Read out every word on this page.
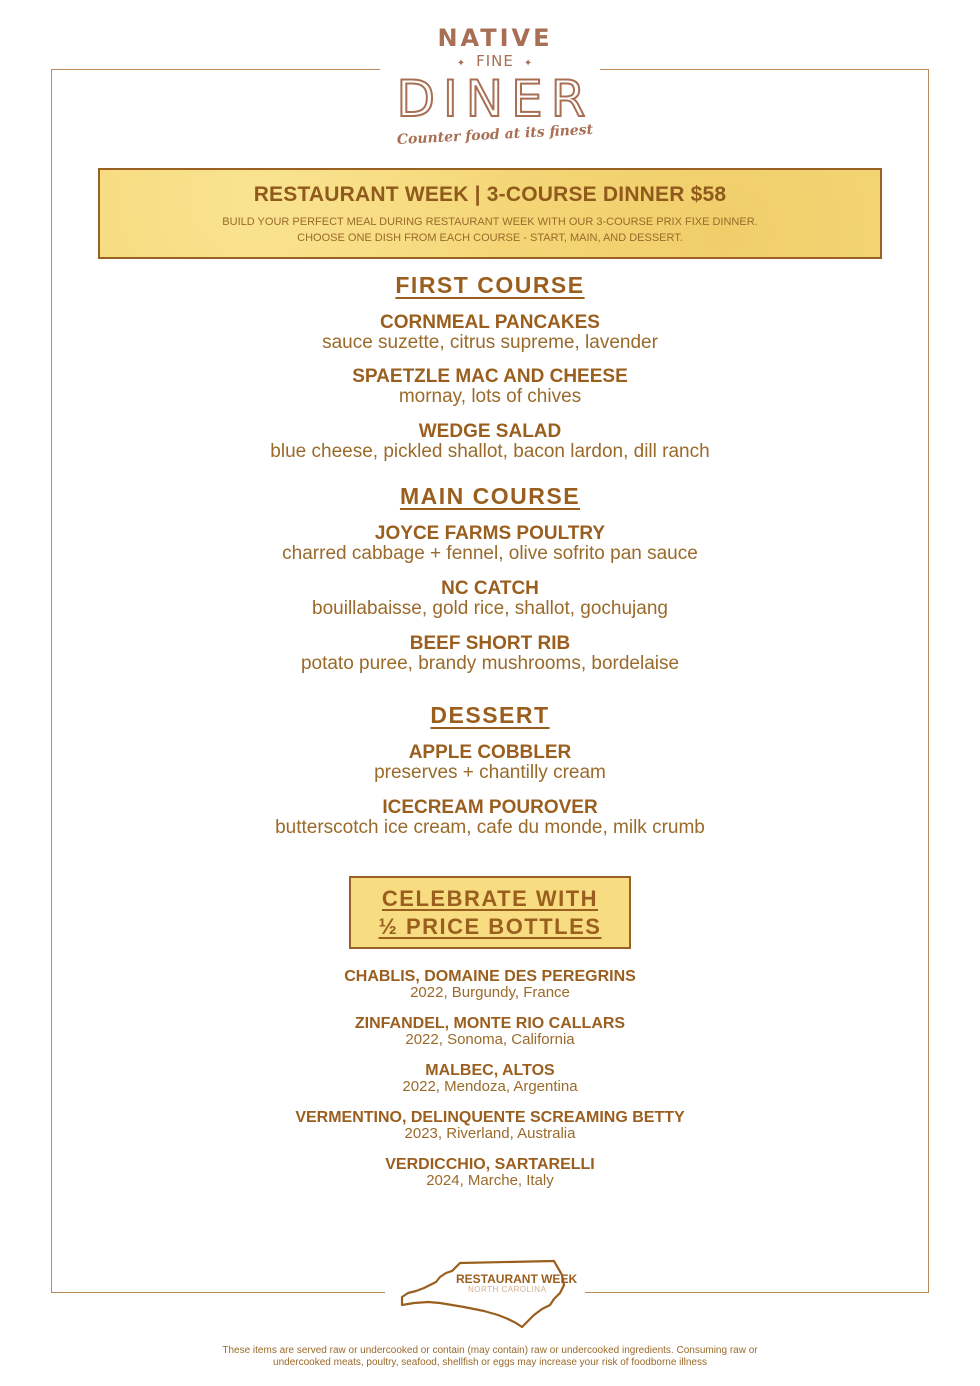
NATIVE
✦ FINE ✦
DINER
Counter food at its finest
RESTAURANT WEEK | 3-COURSE DINNER $58
BUILD YOUR PERFECT MEAL DURING RESTAURANT WEEK WITH OUR 3-COURSE PRIX FIXE DINNER.
CHOOSE ONE DISH FROM EACH COURSE - START, MAIN, AND DESSERT.
FIRST COURSE
CORNMEAL PANCAKES
sauce suzette, citrus supreme, lavender
SPAETZLE MAC AND CHEESE
mornay, lots of chives
WEDGE SALAD
blue cheese, pickled shallot, bacon lardon, dill ranch
MAIN COURSE
JOYCE FARMS POULTRY
charred cabbage + fennel, olive sofrito pan sauce
NC CATCH
bouillabaisse, gold rice, shallot, gochujang
BEEF SHORT RIB
potato puree, brandy mushrooms, bordelaise
DESSERT
APPLE COBBLER
preserves + chantilly cream
ICECREAM POUROVER
butterscotch ice cream, cafe du monde, milk crumb
CELEBRATE WITH
½ PRICE BOTTLES
CHABLIS, DOMAINE DES PEREGRINS
2022, Burgundy, France
ZINFANDEL, MONTE RIO CALLARS
2022, Sonoma, California
MALBEC, ALTOS
2022, Mendoza, Argentina
VERMENTINO, DELINQUENTE SCREAMING BETTY
2023, Riverland, Australia
VERDICCHIO, SARTARELLI
2024, Marche, Italy
RESTAURANT WEEK
NORTH CAROLINA
These items are served raw or undercooked or contain (may contain) raw or undercooked ingredients. Consuming raw or
undercooked meats, poultry, seafood, shellfish or eggs may increase your risk of foodborne illness
